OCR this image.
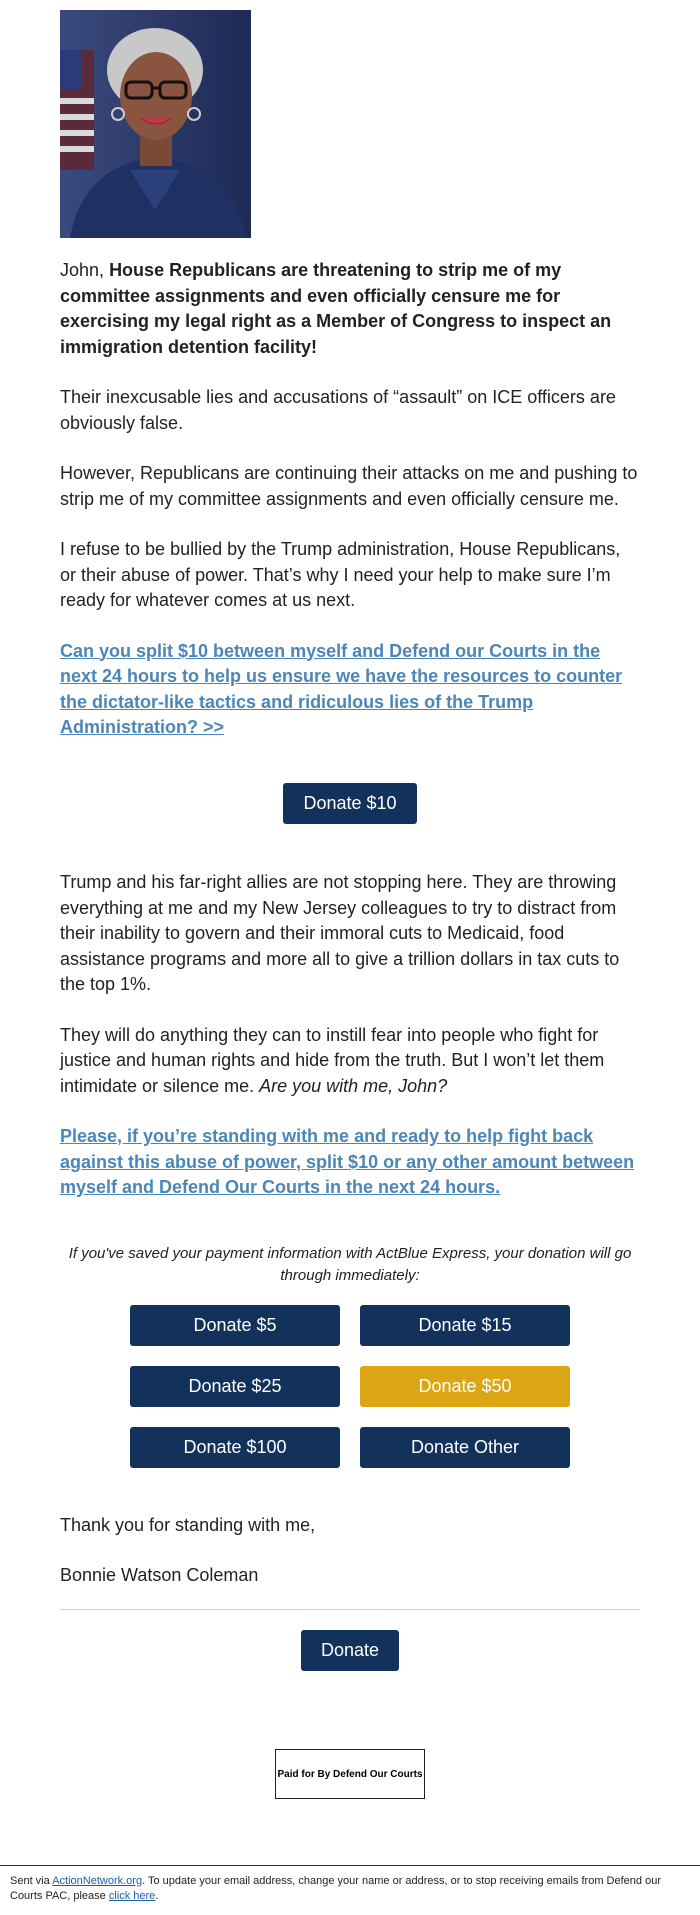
John, House Republicans are threatening to strip me of my committee assignments and even officially censure me for exercising my legal right as a Member of Congress to inspect an immigration detention facility!

Their inexcusable lies and accusations of “assault” on ICE officers are obviously false.

However, Republicans are continuing their attacks on me and pushing to strip me of my committee assignments and even officially censure me.

I refuse to be bullied by the Trump administration, House Republicans, or their abuse of power. That’s why I need your help to make sure I’m ready for whatever comes at us next.

Can you split $10 between myself and Defend our Courts in the next 24 hours to help us ensure we have the resources to counter the dictator-like tactics and ridiculous lies of the Trump Administration? >>
Donate $10

Trump and his far-right allies are not stopping here. They are throwing everything at me and my New Jersey colleagues to try to distract from their inability to govern and their immoral cuts to Medicaid, food assistance programs and more all to give a trillion dollars in tax cuts to the top 1%.

They will do anything they can to instill fear into people who fight for justice and human rights and hide from the truth. But I won’t let them intimidate or silence me. Are you with me, John?

Please, if you’re standing with me and ready to help fight back against this abuse of power, split $10 or any other amount between myself and Defend Our Courts in the next 24 hours.
If you've saved your payment information with ActBlue Express, your donation will go through immediately:
Donate $5	Donate $15
Donate $25	Donate $50
Donate $100	Donate Other
Thank you for standing with me,
Bonnie Watson Coleman
Donate
Paid for By Defend Our Courts
Sent via ActionNetwork.org. To update your email address, change your name or address, or to stop receiving emails from Defend our Courts PAC, please click here.
